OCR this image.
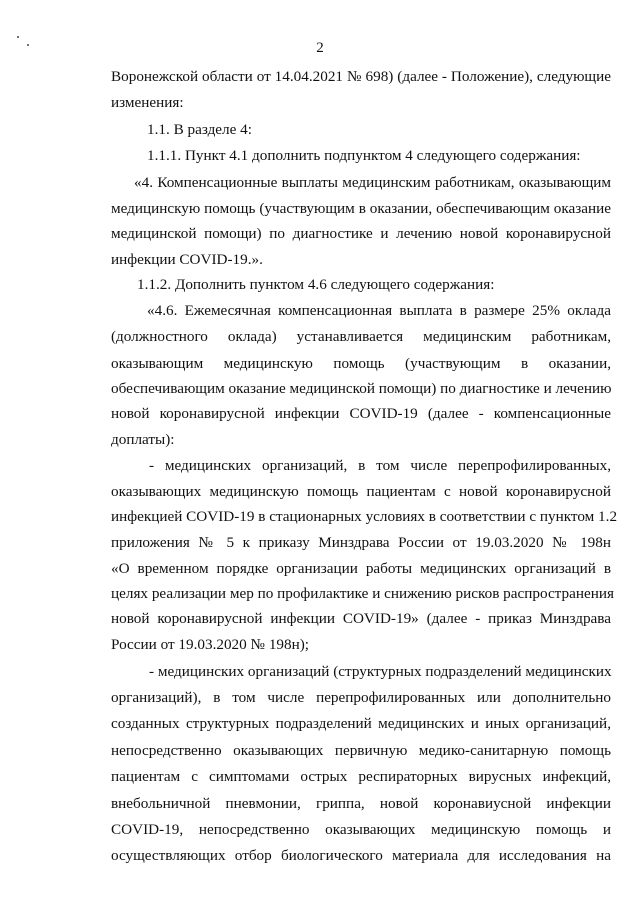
2
Воронежской области от 14.04.2021 № 698) (далее - Положение), следующие
изменения:
1.1. В разделе 4:
1.1.1. Пункт 4.1 дополнить подпунктом 4 следующего содержания:
«4. Компенсационные выплаты медицинским работникам, оказывающим
медицинскую помощь (участвующим в оказании, обеспечивающим оказание
медицинской помощи) по диагностике и лечению новой коронавирусной
инфекции COVID-19.».
1.1.2. Дополнить пунктом 4.6 следующего содержания:
«4.6. Ежемесячная компенсационная выплата в размере 25% оклада
(должностного оклада) устанавливается медицинским работникам,
оказывающим медицинскую помощь (участвующим в оказании,
обеспечивающим оказание медицинской помощи) по диагностике и лечению
новой коронавирусной инфекции COVID-19 (далее - компенсационные
доплаты):
- медицинских организаций, в том числе перепрофилированных,
оказывающих медицинскую помощь пациентам с новой коронавирусной
инфекцией COVID-19 в стационарных условиях в соответствии с пунктом 1.2
приложения № 5 к приказу Минздрава России от 19.03.2020 № 198н
«О временном порядке организации работы медицинских организаций в
целях реализации мер по профилактике и снижению рисков распространения
новой коронавирусной инфекции COVID-19» (далее - приказ Минздрава
России от 19.03.2020 № 198н);
- медицинских организаций (структурных подразделений медицинских
организаций), в том числе перепрофилированных или дополнительно
созданных структурных подразделений медицинских и иных организаций,
непосредственно оказывающих первичную медико-санитарную помощь
пациентам с симптомами острых респираторных вирусных инфекций,
внебольничной пневмонии, гриппа, новой коронавиусной инфекции
COVID-19, непосредственно оказывающих медицинскую помощь и
осуществляющих отбор биологического материала для исследования на
